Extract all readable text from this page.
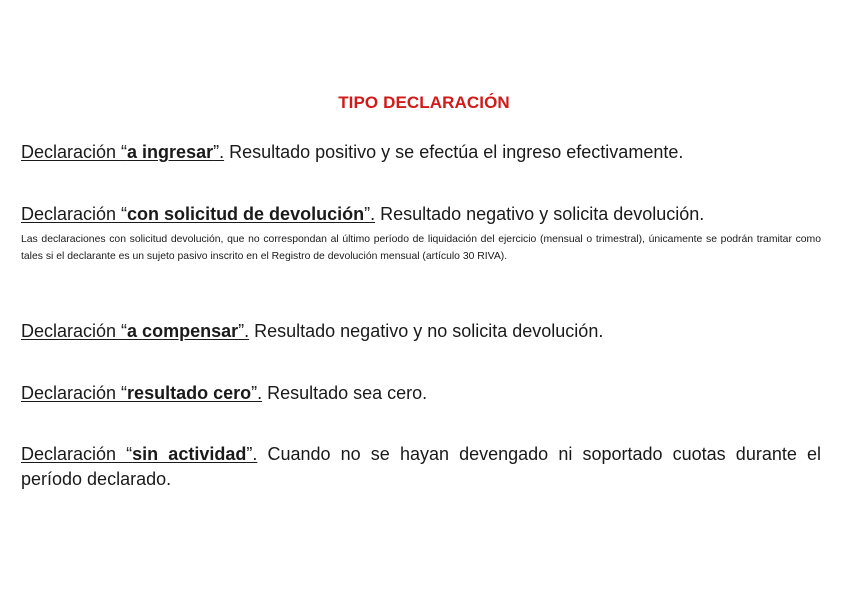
TIPO DECLARACIÓN
Declaración “a ingresar”. Resultado positivo y se efectúa el ingreso efectivamente.
Declaración “con solicitud de devolución”. Resultado negativo y solicita devolución.
Las declaraciones con solicitud devolución, que no correspondan al último período de liquidación del ejercicio (mensual o trimestral), únicamente se podrán tramitar como tales si el declarante es un sujeto pasivo inscrito en el Registro de devolución mensual (artículo 30 RIVA).
Declaración “a compensar”. Resultado negativo y no solicita devolución.
Declaración “resultado cero”. Resultado sea cero.
Declaración “sin actividad”. Cuando no se hayan devengado ni soportado cuotas durante el período declarado.
